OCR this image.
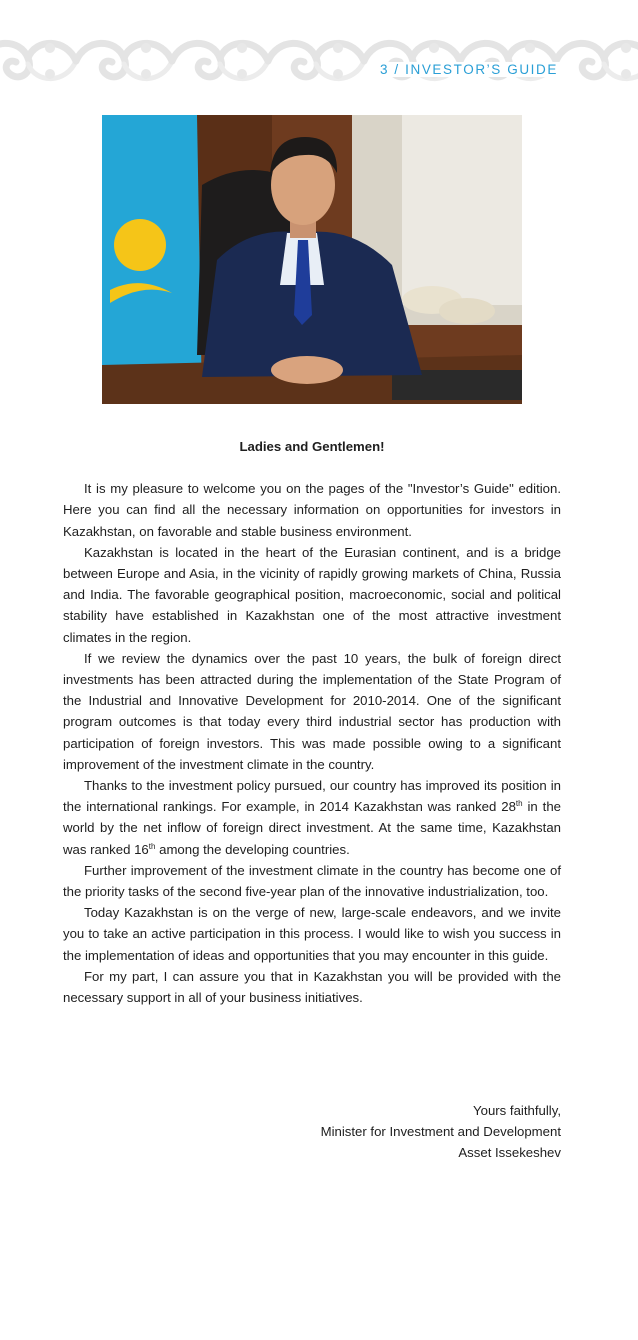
3 / INVESTOR’S GUIDE

Ladies and Gentlemen!

It is my pleasure to welcome you on the pages of the "Investor’s Guide" edition. Here you can find all the necessary information on opportunities for investors in Kazakhstan, on favorable and stable business environment.

Kazakhstan is located in the heart of the Eurasian continent, and is a bridge between Europe and Asia, in the vicinity of rapidly growing markets of China, Russia and India. The favorable geographical position, macroeconomic, social and political stability have established in Kazakhstan one of the most attractive investment climates in the region.

If we review the dynamics over the past 10 years, the bulk of foreign direct investments has been attracted during the implementation of the State Program of the Industrial and Innovative Development for 2010-2014. One of the significant program outcomes is that today every third industrial sector has production with participation of foreign investors. This was made possible owing to a significant improvement of the investment climate in the country.

Thanks to the investment policy pursued, our country has improved its position in the international rankings. For example, in 2014 Kazakhstan was ranked 28th in the world by the net inflow of foreign direct investment. At the same time, Kazakhstan was ranked 16th among the developing countries.

Further improvement of the investment climate in the country has become one of the priority tasks of the second five-year plan of the innovative industrialization, too.

Today Kazakhstan is on the verge of new, large-scale endeavors, and we invite you to take an active participation in this process. I would like to wish you success in the implementation of ideas and opportunities that you may encounter in this guide.

For my part, I can assure you that in Kazakhstan you will be provided with the necessary support in all of your business initiatives.

Yours faithfully,
Minister for Investment and Development
Asset Issekeshev
